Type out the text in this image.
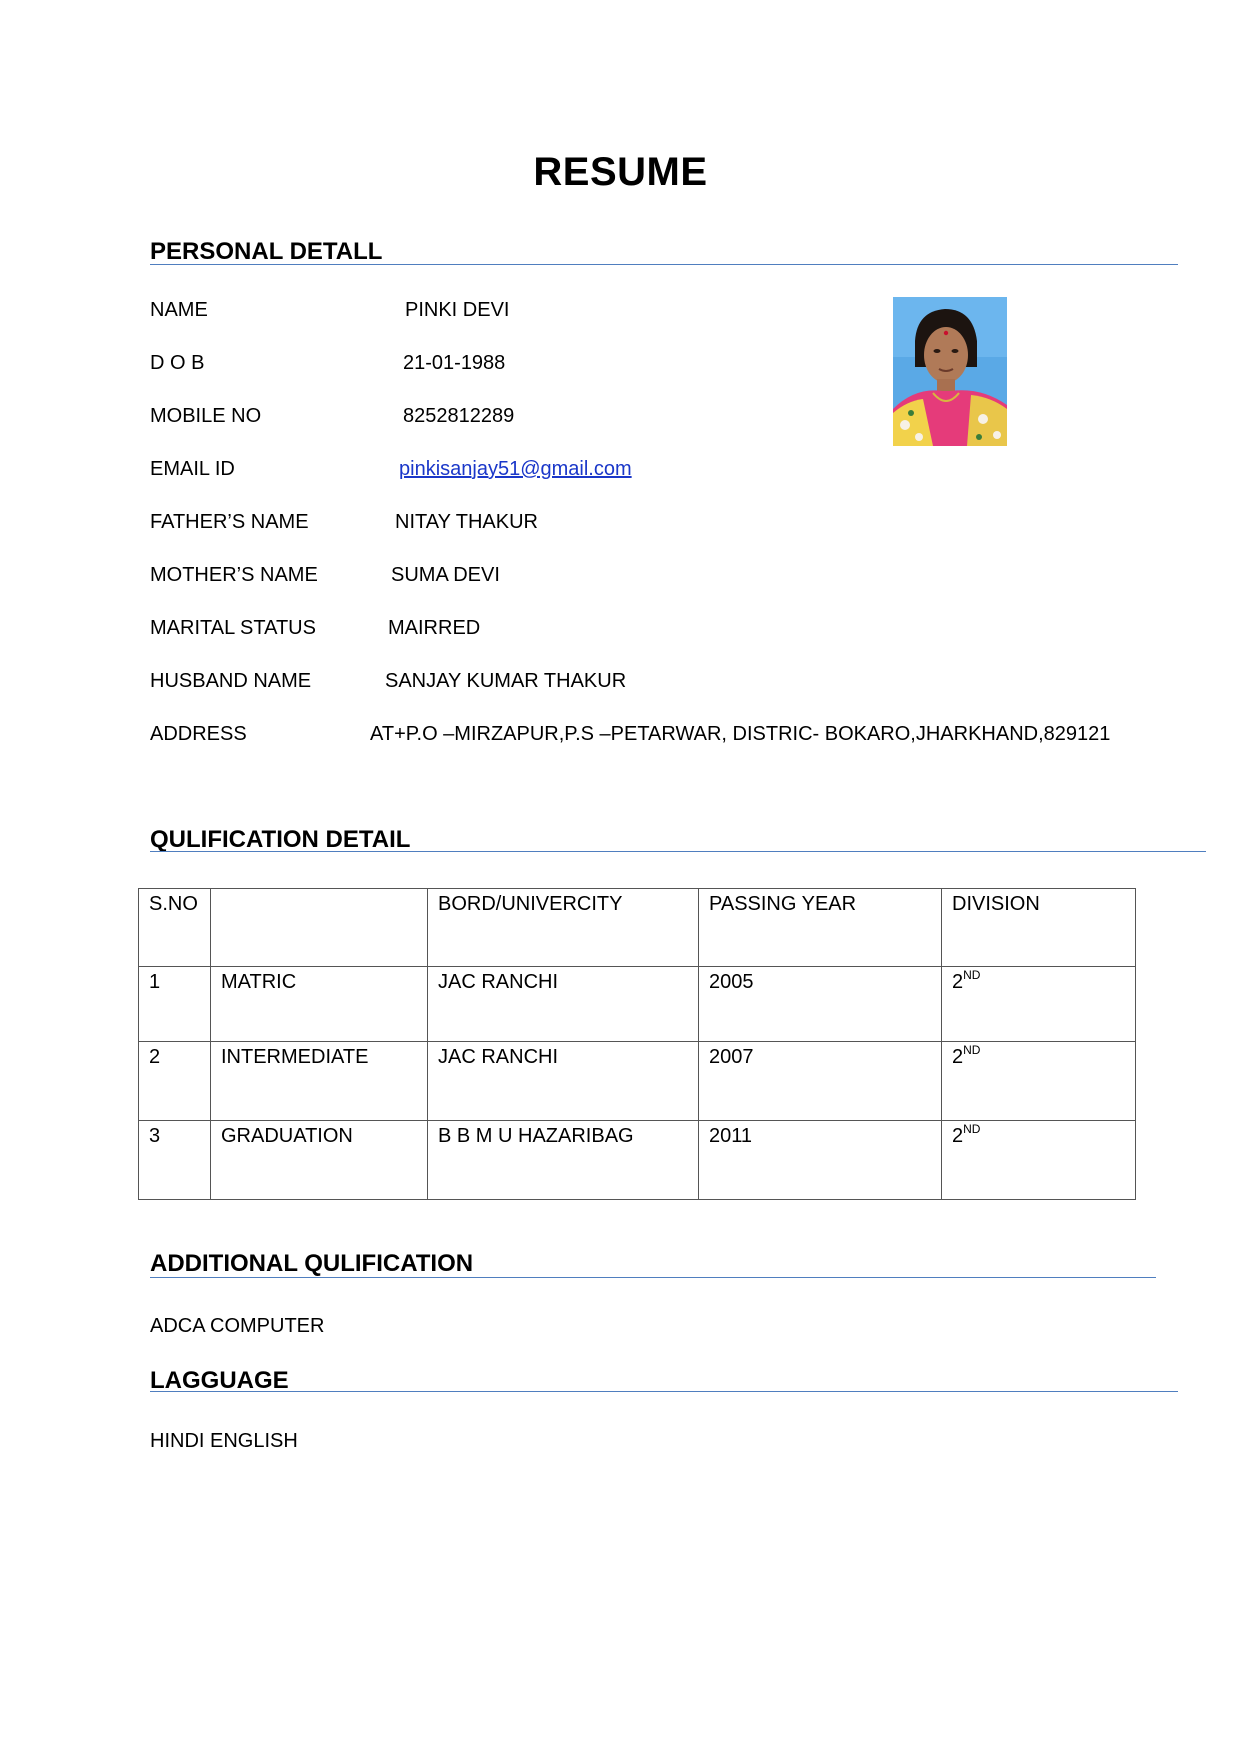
RESUME
PERSONAL DETALL
NAME	PINKI DEVI
D O B	21-01-1988
MOBILE NO	8252812289
EMAIL ID	pinkisanjay51@gmail.com
FATHER’S NAME	NITAY THAKUR
MOTHER’S NAME	SUMA DEVI
MARITAL STATUS	MAIRRED
HUSBAND NAME	SANJAY KUMAR THAKUR
ADDRESS	AT+P.O –MIRZAPUR,P.S –PETARWAR, DISTRIC- BOKARO,JHARKHAND,829121
QULIFICATION DETAIL
S.NO		BORD/UNIVERCITY	PASSING YEAR	DIVISION
1	MATRIC	JAC RANCHI	2005	2ND
2	INTERMEDIATE	JAC RANCHI	2007	2ND
3	GRADUATION	B B M U HAZARIBAG	2011	2ND
ADDITIONAL QULIFICATION
ADCA COMPUTER
LAGGUAGE
HINDI ENGLISH
